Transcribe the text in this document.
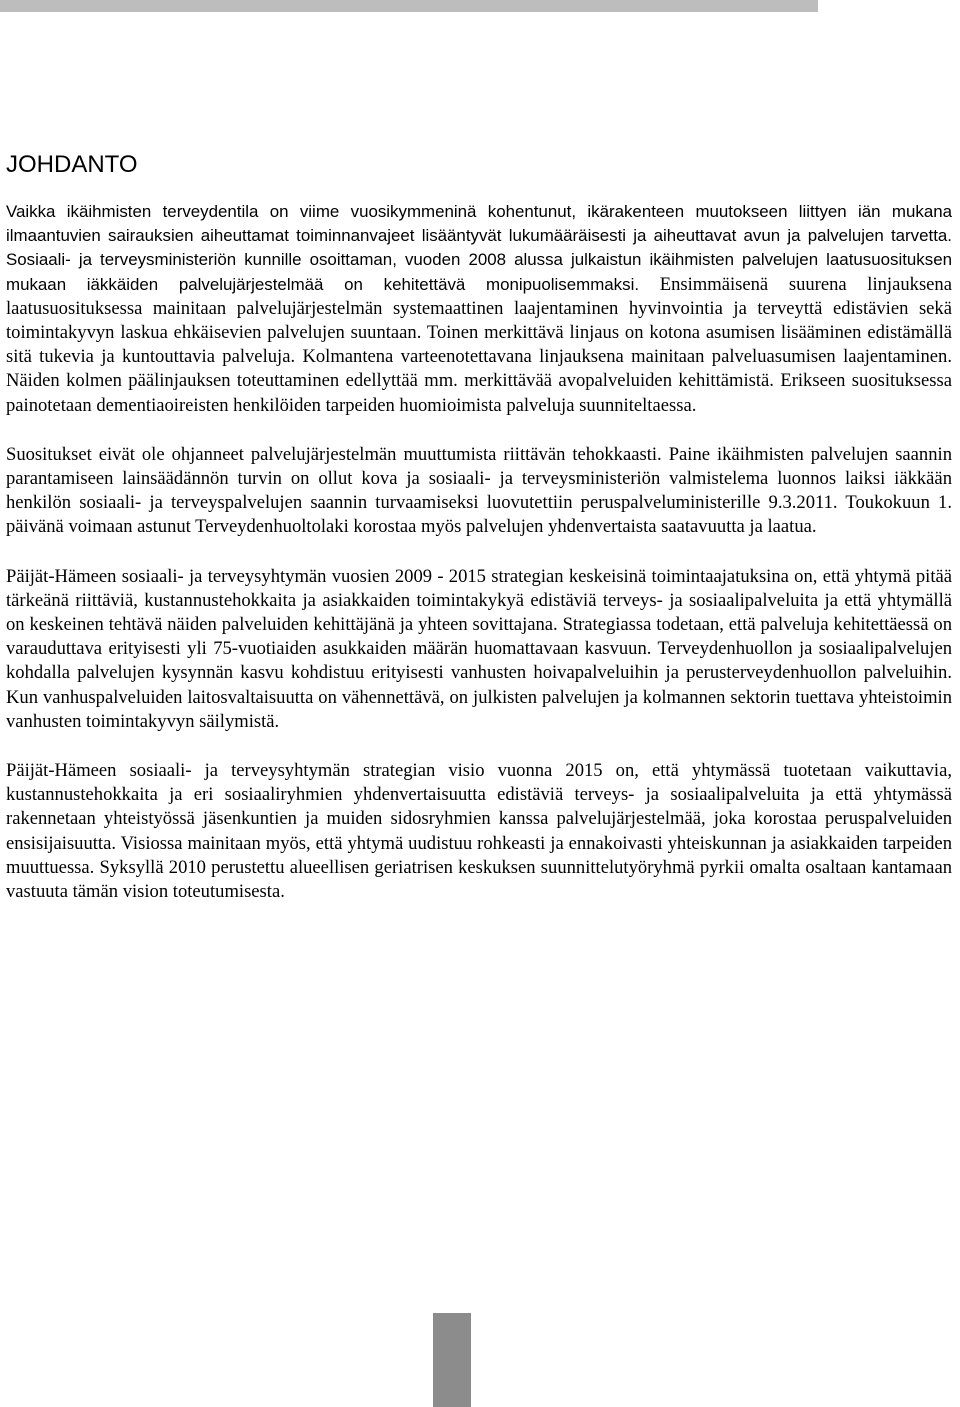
JOHDANTO

Vaikka ikäihmisten terveydentila on viime vuosikymmeninä kohentunut, ikärakenteen muutokseen liittyen iän mukana ilmaantuvien sairauksien aiheuttamat toiminnanvajeet lisääntyvät lukumääräisesti ja aiheuttavat avun ja palvelujen tarvetta. Sosiaali- ja terveysministeriön kunnille osoittaman, vuoden 2008 alussa julkaistun ikäihmisten palvelujen laatusuosituksen mukaan iäkkäiden palvelujärjestelmää on kehitettävä monipuolisemmaksi. Ensimmäisenä suurena linjauksena laatusuosituksessa mainitaan palvelujärjestelmän systemaattinen laajentaminen hyvinvointia ja terveyttä edistävien sekä toimintakyvyn laskua ehkäisevien palvelujen suuntaan. Toinen merkittävä linjaus on kotona asumisen lisääminen edistämällä sitä tukevia ja kuntouttavia palveluja. Kolmantena varteenotettavana linjauksena mainitaan palveluasumisen laajentaminen. Näiden kolmen päälinjauksen toteuttaminen edellyttää mm. merkittävää avopalveluiden kehittämistä. Erikseen suosituksessa painotetaan dementiaoireisten henkilöiden tarpeiden huomioimista palveluja suunniteltaessa.

Suositukset eivät ole ohjanneet palvelujärjestelmän muuttumista riittävän tehokkaasti. Paine ikäihmisten palvelujen saannin parantamiseen lainsäädännön turvin on ollut kova ja sosiaali- ja terveysministeriön valmistelema luonnos laiksi iäkkään henkilön sosiaali- ja terveyspalvelujen saannin turvaamiseksi luovutettiin peruspalveluministerille 9.3.2011. Toukokuun 1. päivänä voimaan astunut Terveydenhuoltolaki korostaa myös palvelujen yhdenvertaista saatavuutta ja laatua.

Päijät-Hämeen sosiaali- ja terveysyhtymän vuosien 2009 - 2015 strategian keskeisinä toimintaajatuksina on, että yhtymä pitää tärkeänä riittäviä, kustannustehokkaita ja asiakkaiden toimintakykyä edistäviä terveys- ja sosiaalipalveluita ja että yhtymällä on keskeinen tehtävä näiden palveluiden kehittäjänä ja yhteen sovittajana. Strategiassa todetaan, että palveluja kehitettäessä on varauduttava erityisesti yli 75-vuotiaiden asukkaiden määrän huomattavaan kasvuun. Terveydenhuollon ja sosiaalipalvelujen kohdalla palvelujen kysynnän kasvu kohdistuu erityisesti vanhusten hoivapalveluihin ja perusterveydenhuollon palveluihin. Kun vanhuspalveluiden laitosvaltaisuutta on vähennettävä, on julkisten palvelujen ja kolmannen sektorin tuettava yhteistoimin vanhusten toimintakyvyn säilymistä.

Päijät-Hämeen sosiaali- ja terveysyhtymän strategian visio vuonna 2015 on, että yhtymässä tuotetaan vaikuttavia, kustannustehokkaita ja eri sosiaaliryhmien yhdenvertaisuutta edistäviä terveys- ja sosiaalipalveluita ja että yhtymässä rakennetaan yhteistyössä jäsenkuntien ja muiden sidosryhmien kanssa palvelujärjestelmää, joka korostaa peruspalveluiden ensisijaisuutta. Visiossa mainitaan myös, että yhtymä uudistuu rohkeasti ja ennakoivasti yhteiskunnan ja asiakkaiden tarpeiden muuttuessa. Syksyllä 2010 perustettu alueellisen geriatrisen keskuksen suunnittelutyöryhmä pyrkii omalta osaltaan kantamaan vastuuta tämän vision toteutumisesta.
